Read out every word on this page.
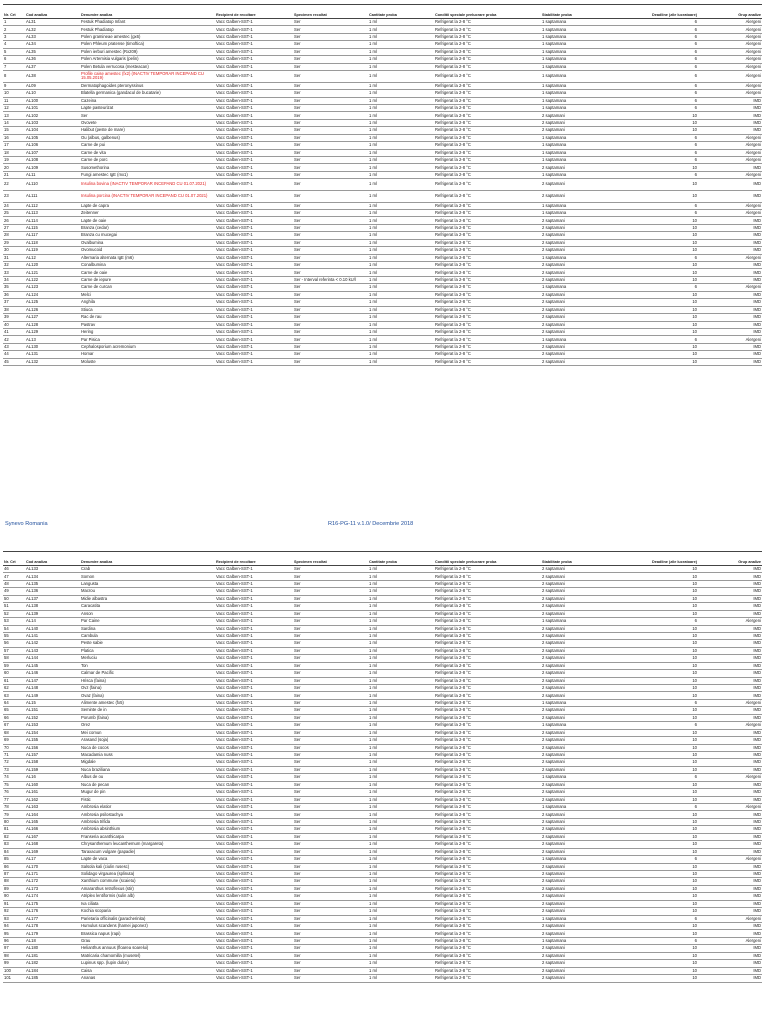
Nr. Crt	Cod analiza	Denumire analiza	Recipient de recoltare	Specimen recoltat	Cantitate proba	Conditii speciale prelucrare proba	Stabilitate proba	Deadline (zile lucratoare)	Grup analize
1	AL31	Festuk Phadiatop Infant	Vacc Galben-SST-1	Ser	1 ml	Refrigerat la 2-8 °C	1 saptamana	6	Alergeni
2	AL32	Festuk Phadiatop	Vacc Galben-SST-1	Ser	1 ml	Refrigerat la 2-8 °C	1 saptamana	6	Alergeni
3	AL33	Polen gramineae amestec (gx6)	Vacc Galben-SST-1	Ser	1 ml	Refrigerat la 2-8 °C	1 saptamana	6	Alergeni
4	AL34	Polen Phleum pratense (timoftica)	Vacc Galben-SST-1	Ser	1 ml	Refrigerat la 2-8 °C	1 saptamana	6	Alergeni
5	AL35	Polen ierburi amestec (Rx209)	Vacc Galben-SST-1	Ser	1 ml	Refrigerat la 2-8 °C	1 saptamana	6	Alergeni
6	AL36	Polen Artemisia vulgaris (pelin)	Vacc Galben-SST-1	Ser	1 ml	Refrigerat la 2-8 °C	1 saptamana	6	Alergeni
7	AL37	Polen Betula verrucosa (mesteacan)	Vacc Galben-SST-1	Ser	1 ml	Refrigerat la 2-8 °C	1 saptamana	6	Alergeni
8	AL38	Profile caise amestec (fx2) (INACTIV TEMPORAR INCEPAND CU 15.05.2019)	Vacc Galben-SST-1	Ser	1 ml	Refrigerat la 2-8 °C	1 saptamana	6	Alergeni
9	AL09	Dermatophagoides pteronyssinus	Vacc Galben-SST-1	Ser	1 ml	Refrigerat la 2-8 °C	1 saptamana	6	Alergeni
10	AL10	Blatella germanica (gandacul de bucatarie)	Vacc Galben-SST-1	Ser	1 ml	Refrigerat la 2-8 °C	1 saptamana	6	Alergeni
11	AL100	Cazeina	Vacc Galben-SST-1	Ser	1 ml	Refrigerat la 2-8 °C	1 saptamana	6	IMD
12	AL101	Lapte pasteurizat	Vacc Galben-SST-1	Ser	1 ml	Refrigerat la 2-8 °C	1 saptamana	6	IMD
13	AL102	Ser	Vacc Galben-SST-1	Ser	1 ml	Refrigerat la 2-8 °C	2 saptamani	10	IMD
14	AL103	Ovovete	Vacc Galben-SST-1	Ser	1 ml	Refrigerat la 2-8 °C	2 saptamani	10	IMD
15	AL104	Halibut (peste de mare)	Vacc Galben-SST-1	Ser	1 ml	Refrigerat la 2-8 °C	2 saptamani	10	IMD
16	AL105	Ou (albus, galbenus)	Vacc Galben-SST-1	Ser	1 ml	Refrigerat la 2-8 °C	1 saptamana	6	Alergeni
17	AL106	Carne de pui	Vacc Galben-SST-1	Ser	1 ml	Refrigerat la 2-8 °C	1 saptamana	6	Alergeni
18	AL107	Carne de vita	Vacc Galben-SST-1	Ser	1 ml	Refrigerat la 2-8 °C	1 saptamana	6	Alergeni
19	AL108	Carne de porc	Vacc Galben-SST-1	Ser	1 ml	Refrigerat la 2-8 °C	1 saptamana	6	Alergeni
20	AL109	Susomethorina	Vacc Galben-SST-1	Ser	1 ml	Refrigerat la 2-8 °C	2 saptamani	10	IMD
21	AL11	Fungi amestec IgE (mx1)	Vacc Galben-SST-1	Ser	1 ml	Refrigerat la 2-8 °C	1 saptamana	6	Alergeni
22	AL110	Insulina bovina (INACTIV TEMPORAR INCEPAND CU 01.07.2021)	Vacc Galben-SST-1	Ser	1 ml	Refrigerat la 2-8 °C	2 saptamani	10	IMD
23	AL111	Insulina porcina (INACTIV TEMPORAR INCEPAND CU 01.07.2021)	Vacc Galben-SST-1	Ser	1 ml	Refrigerat la 2-8 °C	2 saptamani	10	IMD
24	AL112	Lapte de capra	Vacc Galben-SST-1	Ser	1 ml	Refrigerat la 2-8 °C	1 saptamana	6	Alergeni
25	AL113	Zeitenner	Vacc Galben-SST-1	Ser	1 ml	Refrigerat la 2-8 °C	1 saptamana	6	Alergeni
26	AL114	Lapte de oaie	Vacc Galben-SST-1	Ser	1 ml	Refrigerat la 2-8 °C	2 saptamani	10	IMD
27	AL115	Branza (cedar)	Vacc Galben-SST-1	Ser	1 ml	Refrigerat la 2-8 °C	2 saptamani	10	IMD
28	AL117	Branza cu mucegai	Vacc Galben-SST-1	Ser	1 ml	Refrigerat la 2-8 °C	2 saptamani	10	IMD
29	AL118	Ovalbumina	Vacc Galben-SST-1	Ser	1 ml	Refrigerat la 2-8 °C	2 saptamani	10	IMD
30	AL119	Ovomucoid	Vacc Galben-SST-1	Ser	1 ml	Refrigerat la 2-8 °C	2 saptamani	10	IMD
31	AL12	Alternaria alternata IgE (m6)	Vacc Galben-SST-1	Ser	1 ml	Refrigerat la 2-8 °C	1 saptamana	6	Alergeni
32	AL120	Conalbumina	Vacc Galben-SST-1	Ser	1 ml	Refrigerat la 2-8 °C	2 saptamani	10	IMD
33	AL121	Carne de oaie	Vacc Galben-SST-1	Ser	1 ml	Refrigerat la 2-8 °C	2 saptamani	10	IMD
34	AL122	Carne de iepure	Vacc Galben-SST-1	Ser - Interval referinta < 0.10 kU/l	1 ml	Refrigerat la 2-8 °C	2 saptamani	10	IMD
35	AL123	Carne de curcan	Vacc Galben-SST-1	Ser	1 ml	Refrigerat la 2-8 °C	1 saptamana	6	Alergeni
36	AL124	Melci	Vacc Galben-SST-1	Ser	1 ml	Refrigerat la 2-8 °C	2 saptamani	10	IMD
37	AL125	Anghila	Vacc Galben-SST-1	Ser	1 ml	Refrigerat la 2-8 °C	2 saptamani	10	IMD
38	AL126	Stiuca	Vacc Galben-SST-1	Ser	1 ml	Refrigerat la 2-8 °C	2 saptamani	10	IMD
39	AL127	Rac de rau	Vacc Galben-SST-1	Ser	1 ml	Refrigerat la 2-8 °C	2 saptamani	10	IMD
40	AL128	Pastrav	Vacc Galben-SST-1	Ser	1 ml	Refrigerat la 2-8 °C	2 saptamani	10	IMD
41	AL129	Hering	Vacc Galben-SST-1	Ser	1 ml	Refrigerat la 2-8 °C	2 saptamani	10	IMD
42	AL13	Par Pisica	Vacc Galben-SST-1	Ser	1 ml	Refrigerat la 2-8 °C	1 saptamana	6	Alergeni
43	AL130	Cephalosporium acremonium	Vacc Galben-SST-1	Ser	1 ml	Refrigerat la 2-8 °C	2 saptamani	10	IMD
44	AL131	Homar	Vacc Galben-SST-1	Ser	1 ml	Refrigerat la 2-8 °C	2 saptamani	10	IMD
45	AL132	Moluste	Vacc Galben-SST-1	Ser	1 ml	Refrigerat la 2-8 °C	2 saptamani	10	IMD
Synevo Romania	R16-PG-11 v.1.0/ Decembrie 2018
Nr. Crt	Cod analiza	Denumire analiza	Recipient de recoltare	Specimen recoltat	Cantitate proba	Conditii speciale prelucrare proba	Stabilitate proba	Deadline (zile lucratoare)	Grup analize
46	AL133	Crab	Vacc Galben-SST-1	Ser	1 ml	Refrigerat la 2-8 °C	2 saptamani	10	IMD
47	AL134	Somon	Vacc Galben-SST-1	Ser	1 ml	Refrigerat la 2-8 °C	2 saptamani	10	IMD
48	AL135	Langusta	Vacc Galben-SST-1	Ser	1 ml	Refrigerat la 2-8 °C	2 saptamani	10	IMD
49	AL136	Macrou	Vacc Galben-SST-1	Ser	1 ml	Refrigerat la 2-8 °C	2 saptamani	10	IMD
50	AL137	Midie albastra	Vacc Galben-SST-1	Ser	1 ml	Refrigerat la 2-8 °C	2 saptamani	10	IMD
51	AL138	Caracatita	Vacc Galben-SST-1	Ser	1 ml	Refrigerat la 2-8 °C	2 saptamani	10	IMD
52	AL139	Anson	Vacc Galben-SST-1	Ser	1 ml	Refrigerat la 2-8 °C	2 saptamani	10	IMD
53	AL14	Par Caine	Vacc Galben-SST-1	Ser	1 ml	Refrigerat la 2-8 °C	1 saptamana	6	Alergeni
54	AL140	Sardina	Vacc Galben-SST-1	Ser	1 ml	Refrigerat la 2-8 °C	2 saptamani	10	IMD
55	AL141	Cambula	Vacc Galben-SST-1	Ser	1 ml	Refrigerat la 2-8 °C	2 saptamani	10	IMD
56	AL142	Peste sabie	Vacc Galben-SST-1	Ser	1 ml	Refrigerat la 2-8 °C	2 saptamani	10	IMD
57	AL143	Platica	Vacc Galben-SST-1	Ser	1 ml	Refrigerat la 2-8 °C	2 saptamani	10	IMD
58	AL144	Merluciu	Vacc Galben-SST-1	Ser	1 ml	Refrigerat la 2-8 °C	2 saptamani	10	IMD
59	AL145	Ton	Vacc Galben-SST-1	Ser	1 ml	Refrigerat la 2-8 °C	2 saptamani	10	IMD
60	AL146	Calmar de Pacific	Vacc Galben-SST-1	Ser	1 ml	Refrigerat la 2-8 °C	2 saptamani	10	IMD
61	AL147	Hrisca (faina)	Vacc Galben-SST-1	Ser	1 ml	Refrigerat la 2-8 °C	2 saptamani	10	IMD
62	AL148	Ovz (faina)	Vacc Galben-SST-1	Ser	1 ml	Refrigerat la 2-8 °C	2 saptamani	10	IMD
63	AL149	Ovaz (faina)	Vacc Galben-SST-1	Ser	1 ml	Refrigerat la 2-8 °C	2 saptamani	10	IMD
64	AL15	Alimente amestec (fx5)	Vacc Galben-SST-1	Ser	1 ml	Refrigerat la 2-8 °C	1 saptamana	6	Alergeni
65	AL151	Seminte de in	Vacc Galben-SST-1	Ser	1 ml	Refrigerat la 2-8 °C	2 saptamani	10	IMD
66	AL152	Porumb (faina)	Vacc Galben-SST-1	Ser	1 ml	Refrigerat la 2-8 °C	2 saptamani	10	IMD
67	AL153	Orez	Vacc Galben-SST-1	Ser	1 ml	Refrigerat la 2-8 °C	1 saptamana	6	Alergeni
68	AL154	Mei comun	Vacc Galben-SST-1	Ser	1 ml	Refrigerat la 2-8 °C	2 saptamani	10	IMD
69	AL155	Arasand (soja)	Vacc Galben-SST-1	Ser	1 ml	Refrigerat la 2-8 °C	2 saptamani	10	IMD
70	AL156	Nuca de cocos	Vacc Galben-SST-1	Ser	1 ml	Refrigerat la 2-8 °C	2 saptamani	10	IMD
71	AL157	Macadamia nuss	Vacc Galben-SST-1	Ser	1 ml	Refrigerat la 2-8 °C	2 saptamani	10	IMD
72	AL158	Migdale	Vacc Galben-SST-1	Ser	1 ml	Refrigerat la 2-8 °C	2 saptamani	10	IMD
73	AL159	Nuca braziliana	Vacc Galben-SST-1	Ser	1 ml	Refrigerat la 2-8 °C	2 saptamani	10	IMD
74	AL16	Albus de ou	Vacc Galben-SST-1	Ser	1 ml	Refrigerat la 2-8 °C	1 saptamana	6	Alergeni
75	AL160	Nuca de pecan	Vacc Galben-SST-1	Ser	1 ml	Refrigerat la 2-8 °C	2 saptamani	10	IMD
76	AL161	Mugur de pin	Vacc Galben-SST-1	Ser	1 ml	Refrigerat la 2-8 °C	2 saptamani	10	IMD
77	AL162	Fistic	Vacc Galben-SST-1	Ser	1 ml	Refrigerat la 2-8 °C	2 saptamani	10	IMD
78	AL163	Ambrosia elatior	Vacc Galben-SST-1	Ser	1 ml	Refrigerat la 2-8 °C	1 saptamana	6	Alergeni
79	AL164	Ambrosia psilostachya	Vacc Galben-SST-1	Ser	1 ml	Refrigerat la 2-8 °C	2 saptamani	10	IMD
80	AL165	Ambrosia trifida	Vacc Galben-SST-1	Ser	1 ml	Refrigerat la 2-8 °C	2 saptamani	10	IMD
81	AL166	Ambrosia absinthium	Vacc Galben-SST-1	Ser	1 ml	Refrigerat la 2-8 °C	2 saptamani	10	IMD
82	AL167	Franseria acanthicarpa	Vacc Galben-SST-1	Ser	1 ml	Refrigerat la 2-8 °C	2 saptamani	10	IMD
83	AL168	Chrysanthemum leucanthemum (margareta)	Vacc Galben-SST-1	Ser	1 ml	Refrigerat la 2-8 °C	2 saptamani	10	IMD
84	AL169	Taraxacum vulgare (papadie)	Vacc Galben-SST-1	Ser	1 ml	Refrigerat la 2-8 °C	2 saptamani	10	IMD
85	AL17	Lapte de vaca	Vacc Galben-SST-1	Ser	1 ml	Refrigerat la 2-8 °C	1 saptamana	6	Alergeni
86	AL170	Salsola kali (ciulin rusesc)	Vacc Galben-SST-1	Ser	1 ml	Refrigerat la 2-8 °C	2 saptamani	10	IMD
87	AL171	Solidago virgaurea (splinuta)	Vacc Galben-SST-1	Ser	1 ml	Refrigerat la 2-8 °C	2 saptamani	10	IMD
88	AL172	Xanthium commune (scaietu)	Vacc Galben-SST-1	Ser	1 ml	Refrigerat la 2-8 °C	2 saptamani	10	IMD
89	AL173	Amaranthus retroflexus (stir)	Vacc Galben-SST-1	Ser	1 ml	Refrigerat la 2-8 °C	2 saptamani	10	IMD
90	AL174	Atriplex lentiformis (sulin alb)	Vacc Galben-SST-1	Ser	1 ml	Refrigerat la 2-8 °C	2 saptamani	10	IMD
91	AL175	Iva ciliata	Vacc Galben-SST-1	Ser	1 ml	Refrigerat la 2-8 °C	2 saptamani	10	IMD
92	AL176	Kochia scoparia	Vacc Galben-SST-1	Ser	1 ml	Refrigerat la 2-8 °C	2 saptamani	10	IMD
93	AL177	Parietaria officinalis (paracherinita)	Vacc Galben-SST-1	Ser	1 ml	Refrigerat la 2-8 °C	1 saptamana	6	Alergeni
94	AL178	Humulus scandens (hamei japonez)	Vacc Galben-SST-1	Ser	1 ml	Refrigerat la 2-8 °C	2 saptamani	10	IMD
95	AL179	Brassica napus (rapi)	Vacc Galben-SST-1	Ser	1 ml	Refrigerat la 2-8 °C	2 saptamani	10	IMD
96	AL18	Grau	Vacc Galben-SST-1	Ser	1 ml	Refrigerat la 2-8 °C	1 saptamana	6	Alergeni
97	AL180	Helianthus annuus (floarea soarelui)	Vacc Galben-SST-1	Ser	1 ml	Refrigerat la 2-8 °C	2 saptamani	10	IMD
98	AL181	Matricaria chamomilla (musetel)	Vacc Galben-SST-1	Ser	1 ml	Refrigerat la 2-8 °C	2 saptamani	10	IMD
99	AL182	Lupinus spp. (lupin dulce)	Vacc Galben-SST-1	Ser	1 ml	Refrigerat la 2-8 °C	2 saptamani	10	IMD
100	AL184	Caisa	Vacc Galben-SST-1	Ser	1 ml	Refrigerat la 2-8 °C	2 saptamani	10	IMD
101	AL185	Ananas	Vacc Galben-SST-1	Ser	1 ml	Refrigerat la 2-8 °C	2 saptamani	10	IMD
